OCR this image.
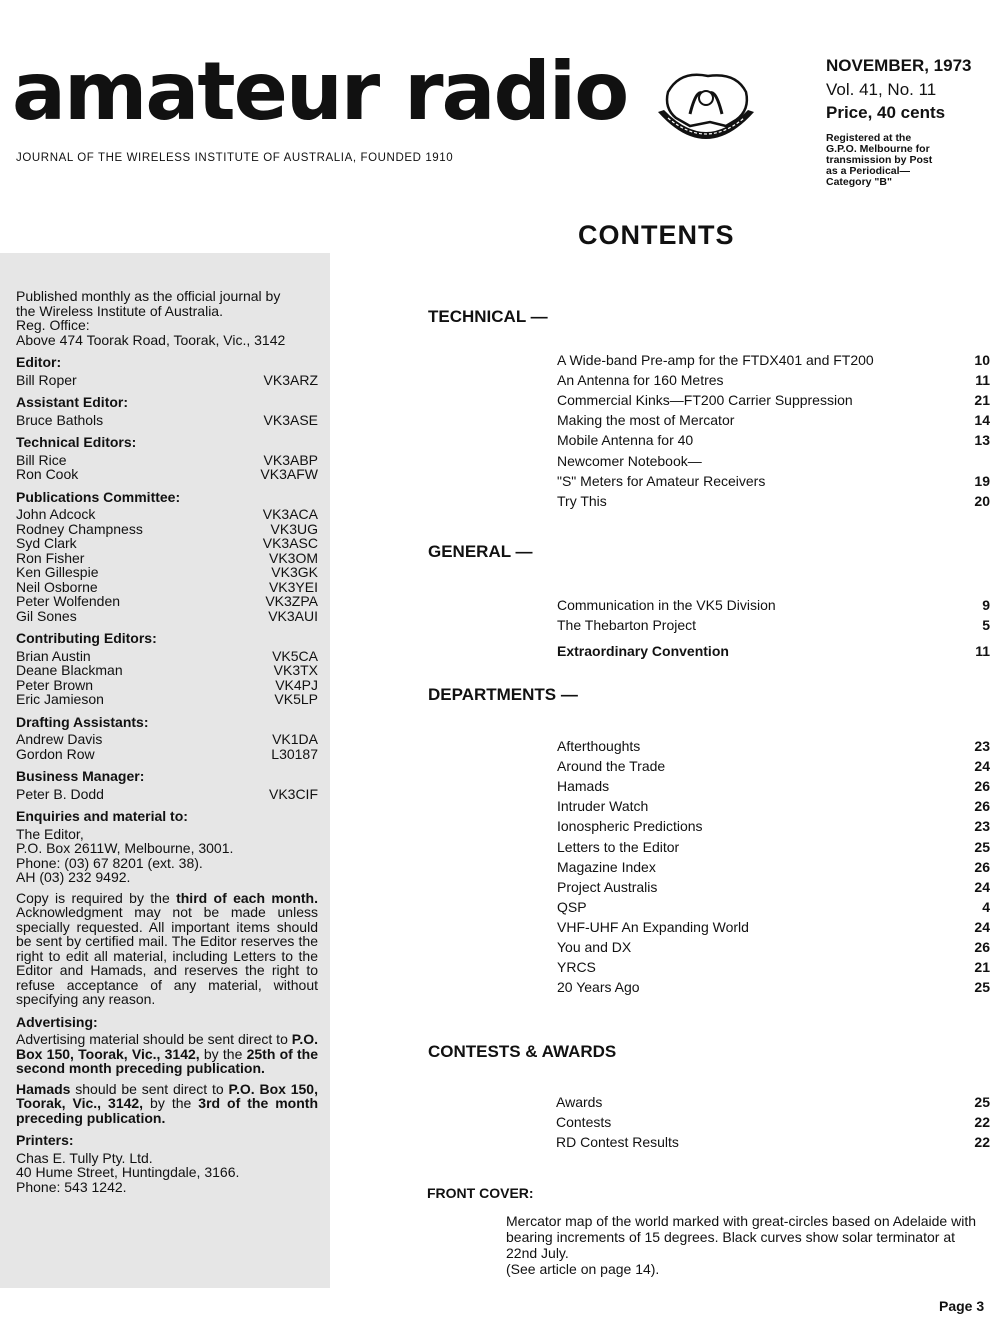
amateur radio

JOURNAL OF THE WIRELESS INSTITUTE OF AUSTRALIA, FOUNDED 1910

NOVEMBER, 1973
Vol. 41, No. 11
Price, 40 cents
Registered at the
G.P.O. Melbourne for
transmission by Post
as a Periodical—
Category "B"
CONTENTS

Published monthly as the official journal by

the Wireless Institute of Australia.

Reg. Office:

Above 474 Toorak Road, Toorak, Vic., 3142

Editor:

Bill Roper	VK3ARZ

Assistant Editor:

Bruce Bathols	VK3ASE

Technical Editors:

Bill Rice	VK3ABP
Ron Cook	VK3AFW

Publications Committee:

John Adcock	VK3ACA
Rodney Champness	VK3UG
Syd Clark	VK3ASC
Ron Fisher	VK3OM
Ken Gillespie	VK3GK
Neil Osborne	VK3YEI
Peter Wolfenden	VK3ZPA
Gil Sones	VK3AUI

Contributing Editors:

Brian Austin	VK5CA
Deane Blackman	VK3TX
Peter Brown	VK4PJ
Eric Jamieson	VK5LP

Drafting Assistants:

Andrew Davis	VK1DA
Gordon Row	L30187

Business Manager:

Peter B. Dodd	VK3CIF

Enquiries and material to:

The Editor,

P.O. Box 2611W, Melbourne, 3001.

Phone: (03) 67 8201 (ext. 38).

AH (03) 232 9492.

Copy is required by the third of each month. Acknowledgment may not be made unless specially requested. All important items should be sent by certified mail. The Editor reserves the right to edit all material, including Letters to the Editor and Hamads, and reserves the right to refuse acceptance of any material, without specifying any reason.

Advertising:

Advertising material should be sent direct to P.O. Box 150, Toorak, Vic., 3142, by the 25th of the second month preceding publication.

Hamads should be sent direct to P.O. Box 150, Toorak, Vic., 3142, by the 3rd of the month preceding publication.

Printers:

Chas E. Tully Pty. Ltd.

40 Hume Street, Huntingdale, 3166.

Phone: 543 1242.

TECHNICAL —
A Wide-band Pre-amp for the FTDX401 and FT200	10
An Antenna for 160 Metres	11
Commercial Kinks—FT200 Carrier Suppression	21
Making the most of Mercator	14
Mobile Antenna for 40	13
Newcomer Notebook—
"S" Meters for Amateur Receivers	19
Try This	20
GENERAL —
Communication in the VK5 Division	9
The Thebarton Project	5
Extraordinary Convention	11
DEPARTMENTS —
Afterthoughts	23
Around the Trade	24
Hamads	26
Intruder Watch	26
Ionospheric Predictions	23
Letters to the Editor	25
Magazine Index	26
Project Australis	24
QSP	4
VHF-UHF An Expanding World	24
You and DX	26
YRCS	21
20 Years Ago	25
CONTESTS & AWARDS
Awards	25
Contests	22
RD Contest Results	22
FRONT COVER:

Mercator map of the world marked with great-circles based on Adelaide with bearing increments of 15 degrees. Black curves show solar terminator at 22nd July.
(See article on page 14).

Page 3
